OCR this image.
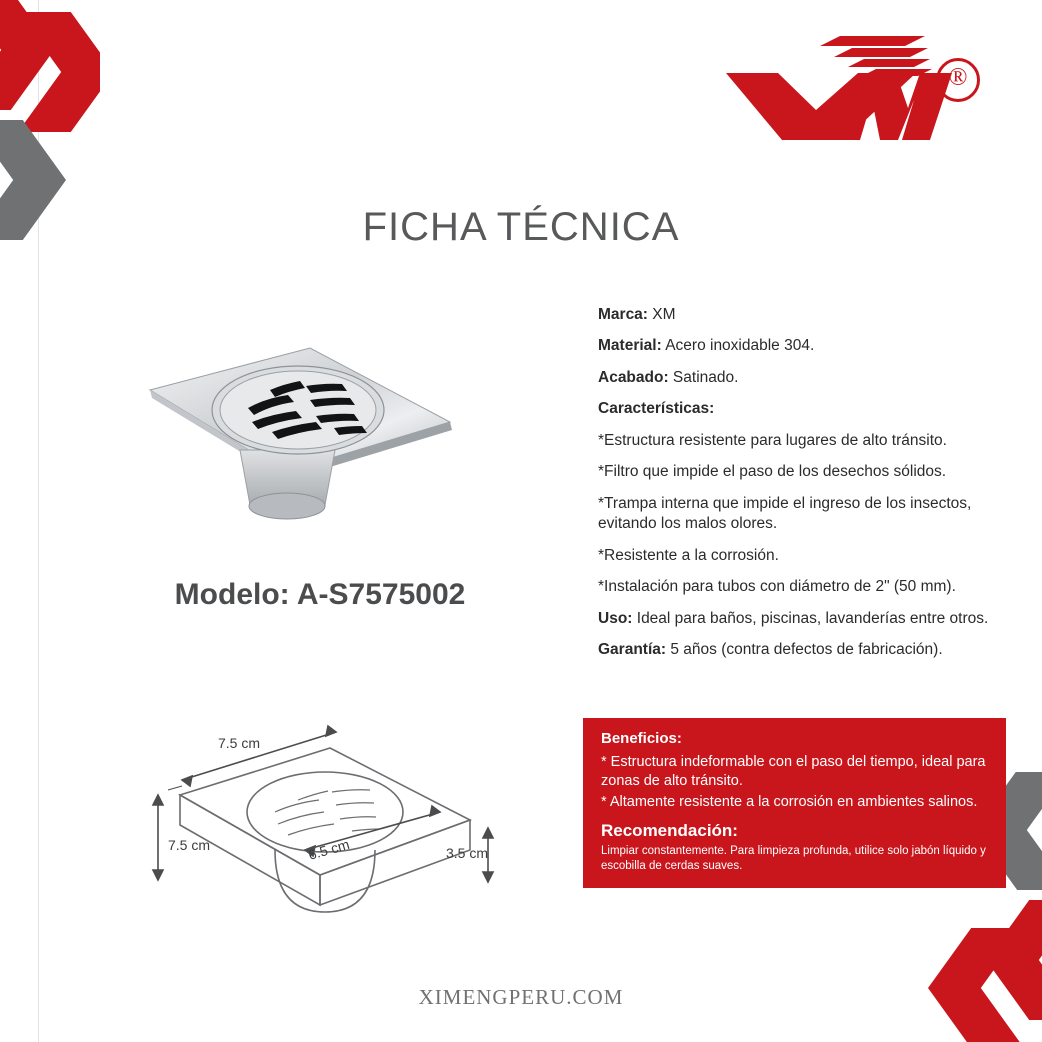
®
FICHA TÉCNICA
Modelo: A-S7575002
7.5 cm
7.5 cm	6.5 cm	3.5 cm
Marca: XM
Material: Acero inoxidable 304.
Acabado: Satinado.
Características:
*Estructura resistente para lugares de alto tránsito.
*Filtro que impide el paso de los desechos sólidos.
*Trampa interna que impide el ingreso de los insectos, evitando los malos olores.
*Resistente a la corrosión.
*Instalación para tubos con diámetro de 2" (50 mm).
Uso: Ideal para baños, piscinas, lavanderías entre otros.
Garantía: 5 años (contra defectos de fabricación).
Beneficios:
* Estructura indeformable con el paso del tiempo, ideal para zonas de alto tránsito.
* Altamente resistente a la corrosión en ambientes salinos.
Recomendación:
Limpiar constantemente. Para limpieza profunda, utilice solo jabón líquido y escobilla de cerdas suaves.
XIMENGPERU.COM
